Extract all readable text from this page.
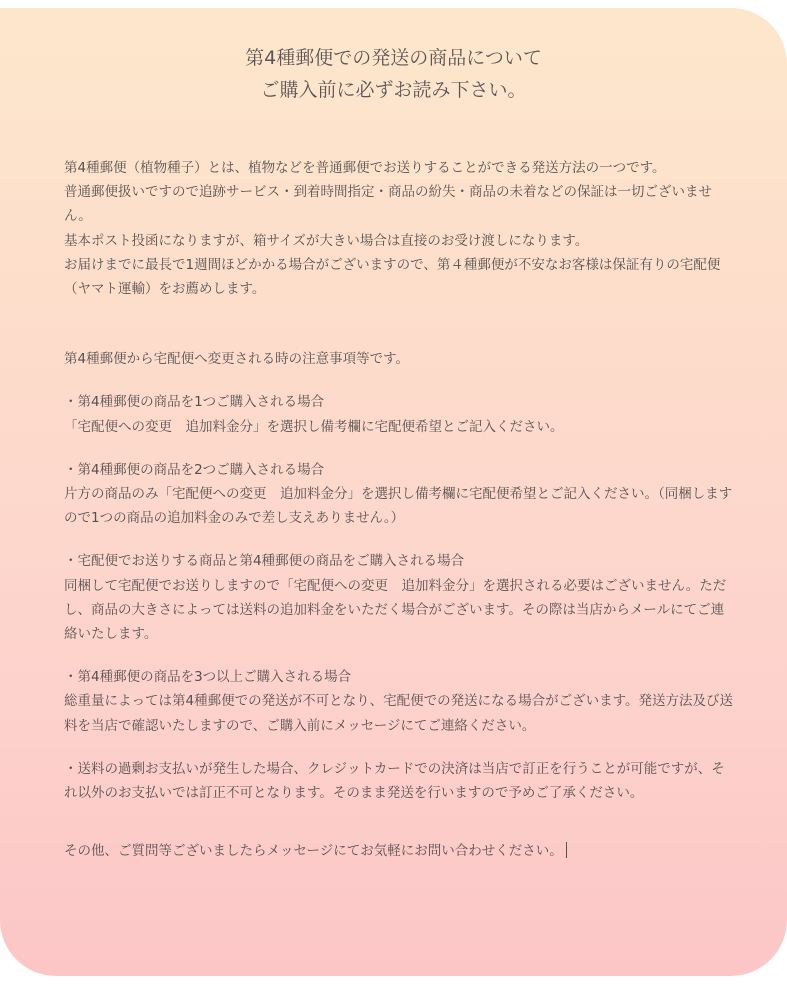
第4種郵便での発送の商品について
ご購入前に必ずお読み下さい。

第4種郵便（植物種子）とは、植物などを普通郵便でお送りすることができる発送方法の一つです。

普通郵便扱いですので追跡サービス・到着時間指定・商品の紛失・商品の未着などの保証は一切ございません。

基本ポスト投函になりますが、箱サイズが大きい場合は直接のお受け渡しになります。

お届けまでに最長で1週間ほどかかる場合がございますので、第４種郵便が不安なお客様は保証有りの宅配便（ヤマト運輸）をお薦めします。

第4種郵便から宅配便へ変更される時の注意事項等です。

・第4種郵便の商品を1つご購入される場合

「宅配便への変更　追加料金分」を選択し備考欄に宅配便希望とご記入ください。

・第4種郵便の商品を2つご購入される場合

片方の商品のみ「宅配便への変更　追加料金分」を選択し備考欄に宅配便希望とご記入ください。（同梱しますので1つの商品の追加料金のみで差し支えありません。）

・宅配便でお送りする商品と第4種郵便の商品をご購入される場合

同梱して宅配便でお送りしますので「宅配便への変更　追加料金分」を選択される必要はございません。ただし、商品の大きさによっては送料の追加料金をいただく場合がございます。その際は当店からメールにてご連絡いたします。

・第4種郵便の商品を3つ以上ご購入される場合

総重量によっては第4種郵便での発送が不可となり、宅配便での発送になる場合がございます。発送方法及び送料を当店で確認いたしますので、ご購入前にメッセージにてご連絡ください。

・送料の過剰お支払いが発生した場合、クレジットカードでの決済は当店で訂正を行うことが可能ですが、それ以外のお支払いでは訂正不可となります。そのまま発送を行いますので予めご了承ください。

その他、ご質問等ございましたらメッセージにてお気軽にお問い合わせください。
